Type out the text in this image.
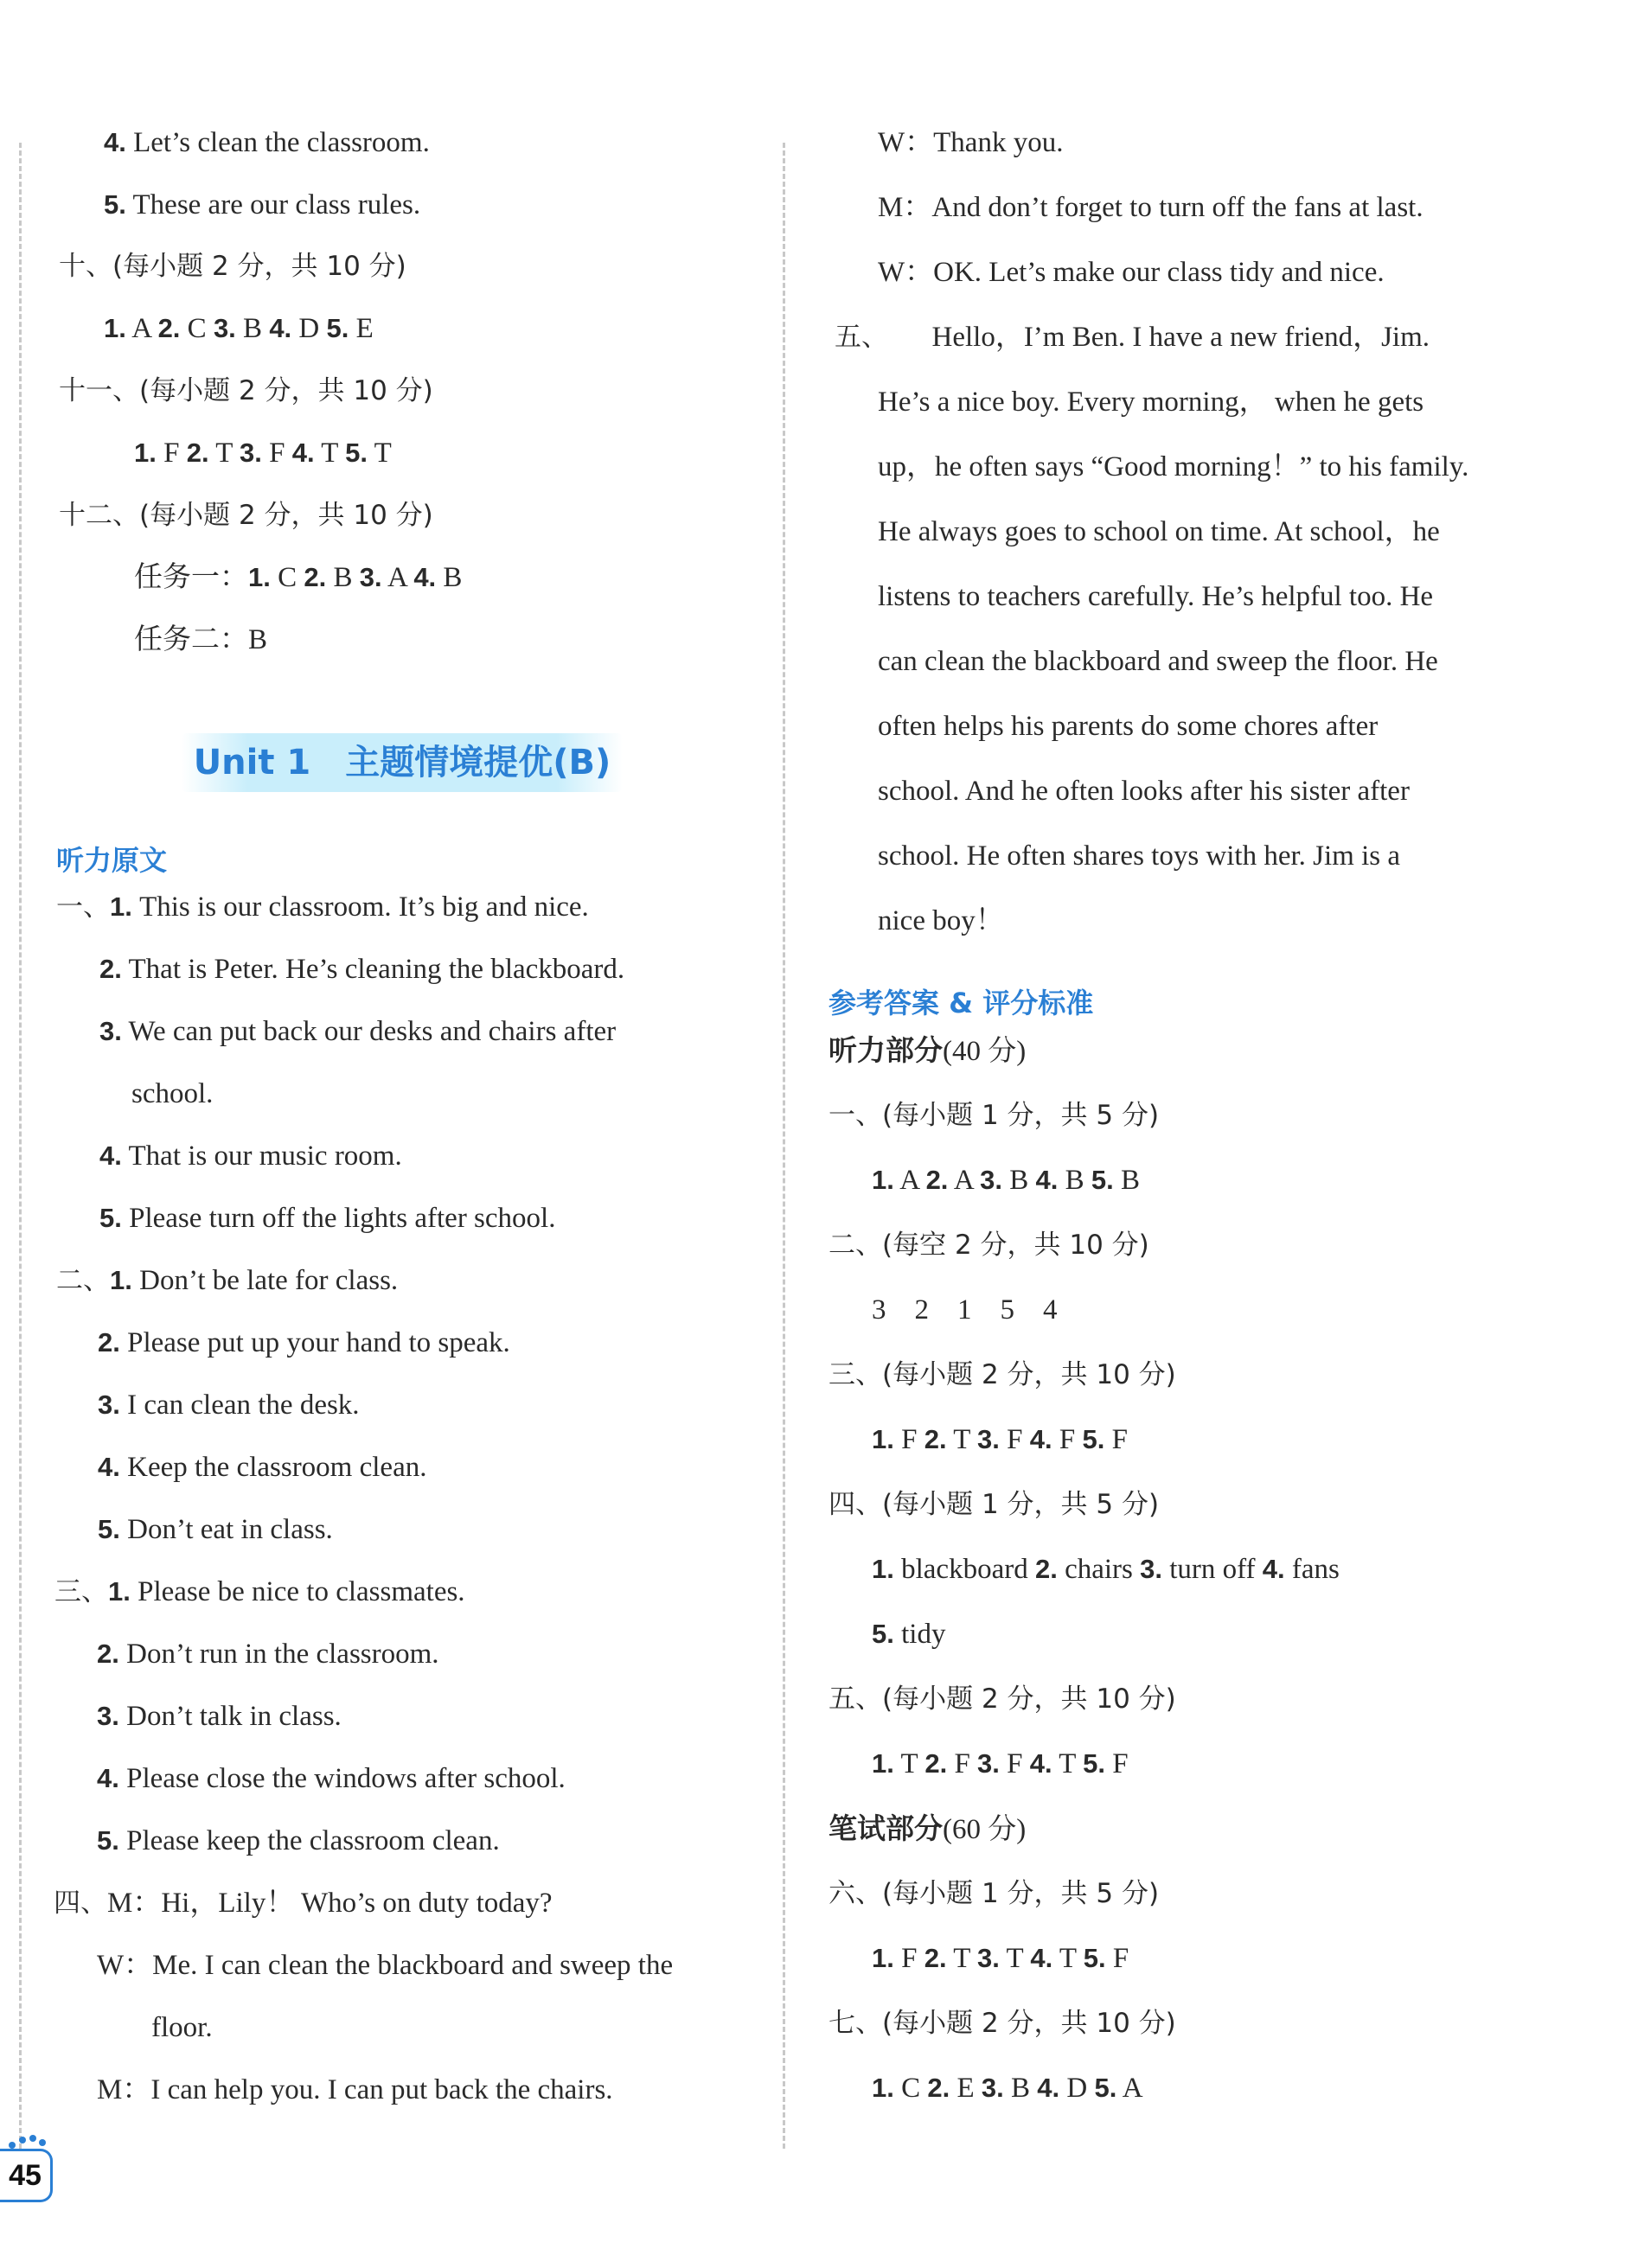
4. Let’s clean the classroom.
5. These are our class rules.
十、(每小题 2 分，共 10 分)
1. A 2. C 3. B 4. D 5. E
十一、(每小题 2 分，共 10 分)
1. F 2. T 3. F 4. T 5. T
十二、(每小题 2 分，共 10 分)
任务一：1. C 2. B 3. A 4. B
任务二：B
一、1. This is our classroom. It’s big and nice.
2. That is Peter. He’s cleaning the blackboard.
3. We can put back our desks and chairs after
school.
4. That is our music room.
5. Please turn off the lights after school.
二、1. Don’t be late for class.
2. Please put up your hand to speak.
3. I can clean the desk.
4. Keep the classroom clean.
5. Don’t eat in class.
三、1. Please be nice to classmates.
2. Don’t run in the classroom.
3. Don’t talk in class.
4. Please close the windows after school.
5. Please keep the classroom clean.
四、M：Hi，Lily！ Who’s on duty today?
W：Me. I can clean the blackboard and sweep the
floor.
M：I can help you. I can put back the chairs.
W：Thank you.
M：And don’t forget to turn off the fans at last.
W：OK. Let’s make our class tidy and nice.
五、　　Hello，I’m Ben. I have a new friend，Jim.
He’s a nice boy. Every morning， when he gets
up，he often says “Good morning！” to his family.
He always goes to school on time. At school，he
listens to teachers carefully. He’s helpful too. He
can clean the blackboard and sweep the floor. He
often helps his parents do some chores after
school. And he often looks after his sister after
school. He often shares toys with her. Jim is a
nice boy！
听力部分(40 分)
一、(每小题 1 分，共 5 分)
1. A 2. A 3. B 4. B 5. B
二、(每空 2 分，共 10 分)
3　2　1　5　4
三、(每小题 2 分，共 10 分)
1. F 2. T 3. F 4. F 5. F
四、(每小题 1 分，共 5 分)
1. blackboard 2. chairs 3. turn off 4. fans
5. tidy
五、(每小题 2 分，共 10 分)
1. T 2. F 3. F 4. T 5. F
笔试部分(60 分)
六、(每小题 1 分，共 5 分)
1. F 2. T 3. T 4. T 5. F
七、(每小题 2 分，共 10 分)
1. C 2. E 3. B 4. D 5. A
Unit 1　主题情境提优(B)
听力原文
参考答案 & 评分标准
45
